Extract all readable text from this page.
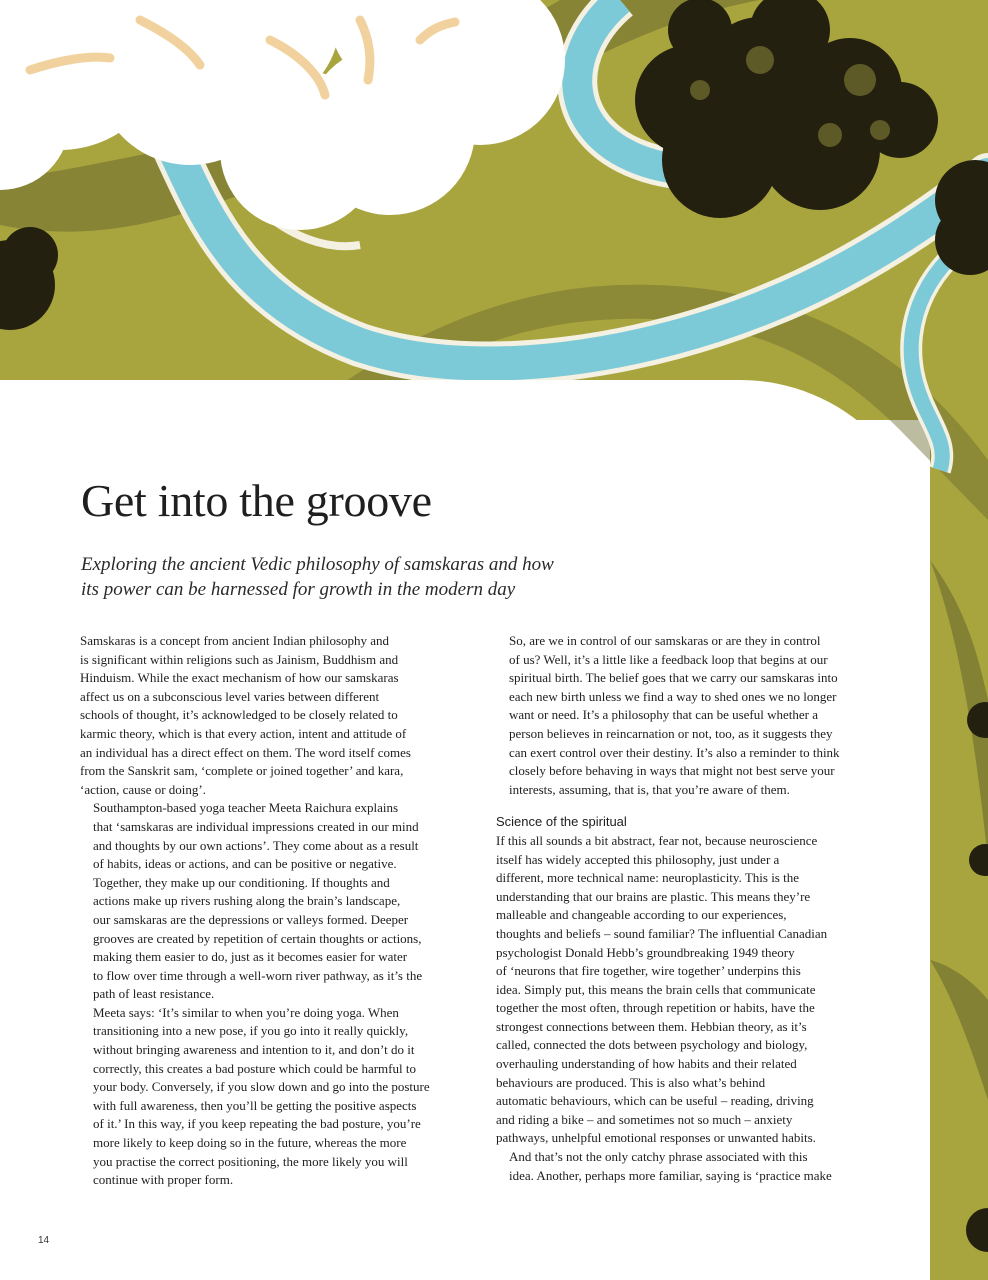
Get into the groove

Exploring the ancient Vedic philosophy of samskaras and how
its power can be harnessed for growth in the modern day

Samskaras is a concept from ancient Indian philosophy and
is significant within religions such as Jainism, Buddhism and
Hinduism. While the exact mechanism of how our samskaras
affect us on a subconscious level varies between different
schools of thought, it’s acknowledged to be closely related to
karmic theory, which is that every action, intent and attitude of
an individual has a direct effect on them. The word itself comes
from the Sanskrit sam, ‘complete or joined together’ and kara,
‘action, cause or doing’.

Southampton-based yoga teacher Meeta Raichura explains
that ‘samskaras are individual impressions created in our mind
and thoughts by our own actions’. They come about as a result
of habits, ideas or actions, and can be positive or negative.
Together, they make up our conditioning. If thoughts and
actions make up rivers rushing along the brain’s landscape,
our samskaras are the depressions or valleys formed. Deeper
grooves are created by repetition of certain thoughts or actions,
making them easier to do, just as it becomes easier for water
to flow over time through a well-worn river pathway, as it’s the
path of least resistance.

Meeta says: ‘It’s similar to when you’re doing yoga. When
transitioning into a new pose, if you go into it really quickly,
without bringing awareness and intention to it, and don’t do it
correctly, this creates a bad posture which could be harmful to
your body. Conversely, if you slow down and go into the posture
with full awareness, then you’ll be getting the positive aspects
of it.’ In this way, if you keep repeating the bad posture, you’re
more likely to keep doing so in the future, whereas the more
you practise the correct positioning, the more likely you will
continue with proper form.

So, are we in control of our samskaras or are they in control
of us? Well, it’s a little like a feedback loop that begins at our
spiritual birth. The belief goes that we carry our samskaras into
each new birth unless we find a way to shed ones we no longer
want or need. It’s a philosophy that can be useful whether a
person believes in reincarnation or not, too, as it suggests they
can exert control over their destiny. It’s also a reminder to think
closely before behaving in ways that might not best serve your
interests, assuming, that is, that you’re aware of them.

Science of the spiritual

If this all sounds a bit abstract, fear not, because neuroscience
itself has widely accepted this philosophy, just under a
different, more technical name: neuroplasticity. This is the
understanding that our brains are plastic. This means they’re
malleable and changeable according to our experiences,
thoughts and beliefs – sound familiar? The influential Canadian
psychologist Donald Hebb’s groundbreaking 1949 theory
of ‘neurons that fire together, wire together’ underpins this
idea. Simply put, this means the brain cells that communicate
together the most often, through repetition or habits, have the
strongest connections between them. Hebbian theory, as it’s
called, connected the dots between psychology and biology,
overhauling understanding of how habits and their related
behaviours are produced. This is also what’s behind
automatic behaviours, which can be useful – reading, driving
and riding a bike – and sometimes not so much – anxiety
pathways, unhelpful emotional responses or unwanted habits.

And that’s not the only catchy phrase associated with this
idea. Another, perhaps more familiar, saying is ‘practice make

14
